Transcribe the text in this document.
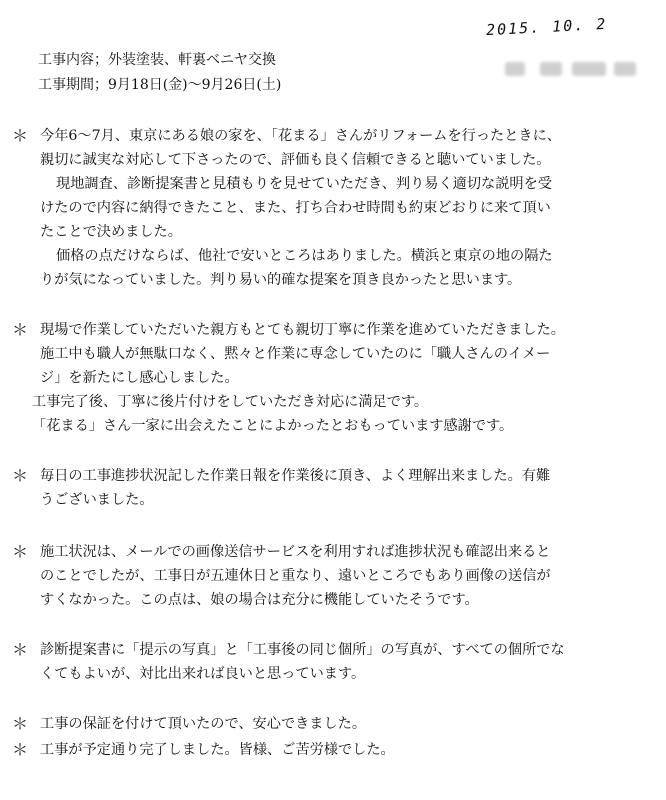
2015. 10. 2
工事内容；外装塗装、軒裏ベニヤ交換
工事期間；9月18日(金)～9月26日(土)
＊ 今年6～7月、東京にある娘の家を、「花まる」さんがリフォームを行ったときに、
親切に誠実な対応して下さったので、評価も良く信頼できると聴いていました。
現地調査、診断提案書と見積もりを見せていただき、判り易く適切な説明を受
けたので内容に納得できたこと、また、打ち合わせ時間も約束どおりに来て頂い
たことで決めました。
価格の点だけならば、他社で安いところはありました。横浜と東京の地の隔た
りが気になっていました。判り易い的確な提案を頂き良かったと思います。
＊ 現場で作業していただいた親方もとても親切丁寧に作業を進めていただきました。
施工中も職人が無駄口なく、黙々と作業に専念していたのに「職人さんのイメー
ジ」を新たにし感心しました。
工事完了後、丁寧に後片付けをしていただき対応に満足です。
「花まる」さん一家に出会えたことによかったとおもっています感謝です。
＊ 毎日の工事進捗状況記した作業日報を作業後に頂き、よく理解出来ました。有難
うございました。
＊ 施工状況は、メールでの画像送信サービスを利用すれば進捗状況も確認出来ると
のことでしたが、工事日が五連休日と重なり、遠いところでもあり画像の送信が
すくなかった。この点は、娘の場合は充分に機能していたそうです。
＊ 診断提案書に「提示の写真」と「工事後の同じ個所」の写真が、すべての個所でな
くてもよいが、対比出来れば良いと思っています。
＊ 工事の保証を付けて頂いたので、安心できました。
＊ 工事が予定通り完了しました。皆様、ご苦労様でした。
